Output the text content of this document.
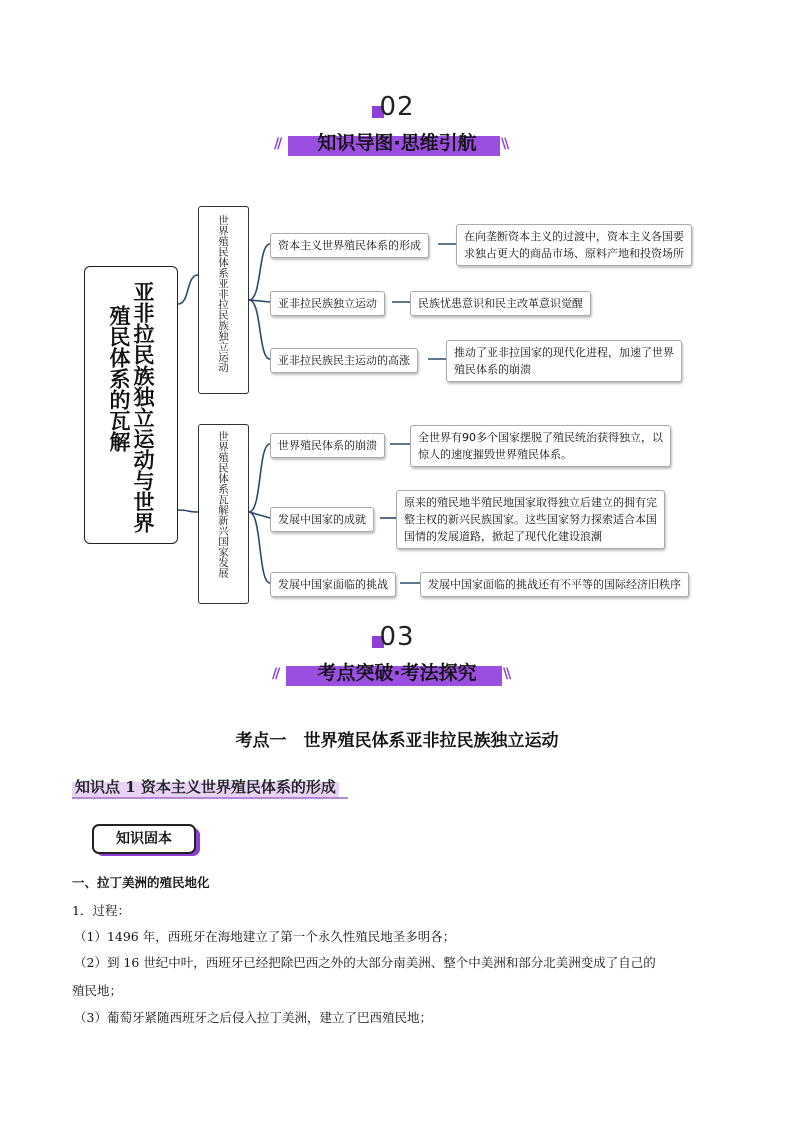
02
//	\\
知识导图·思维引航
亚非拉民族独立运动与世界
殖民体系的瓦解
世界殖民体系亚非拉民族独立运动
世界殖民体系瓦解新兴国家发展
资本主义世界殖民体系的形成
亚非拉民族独立运动
亚非拉民族民主运动的高涨
在向垄断资本主义的过渡中，资本主义各国要
求独占更大的商品市场、原料产地和投资场所
民族忧患意识和民主改革意识觉醒
推动了亚非拉国家的现代化进程，加速了世界
殖民体系的崩溃
世界殖民体系的崩溃
发展中国家的成就
发展中国家面临的挑战
全世界有90多个国家摆脱了殖民统治获得独立，以
惊人的速度摧毁世界殖民体系。
原来的殖民地半殖民地国家取得独立后建立的拥有完
整主权的新兴民族国家。这些国家努力探索适合本国
国情的发展道路，掀起了现代化建设浪潮
发展中国家面临的挑战还有不平等的国际经济旧秩序
03
//	\\
考点突破·考法探究
考点一　世界殖民体系亚非拉民族独立运动
知识点 1 资本主义世界殖民体系的形成
知识固本
一、拉丁美洲的殖民地化
1．过程：
（1）1496 年，西班牙在海地建立了第一个永久性殖民地圣多明各；
（2）到 16 世纪中叶，西班牙已经把除巴西之外的大部分南美洲、整个中美洲和部分北美洲变成了自己的
殖民地；
（3）葡萄牙紧随西班牙之后侵入拉丁美洲，建立了巴西殖民地；
